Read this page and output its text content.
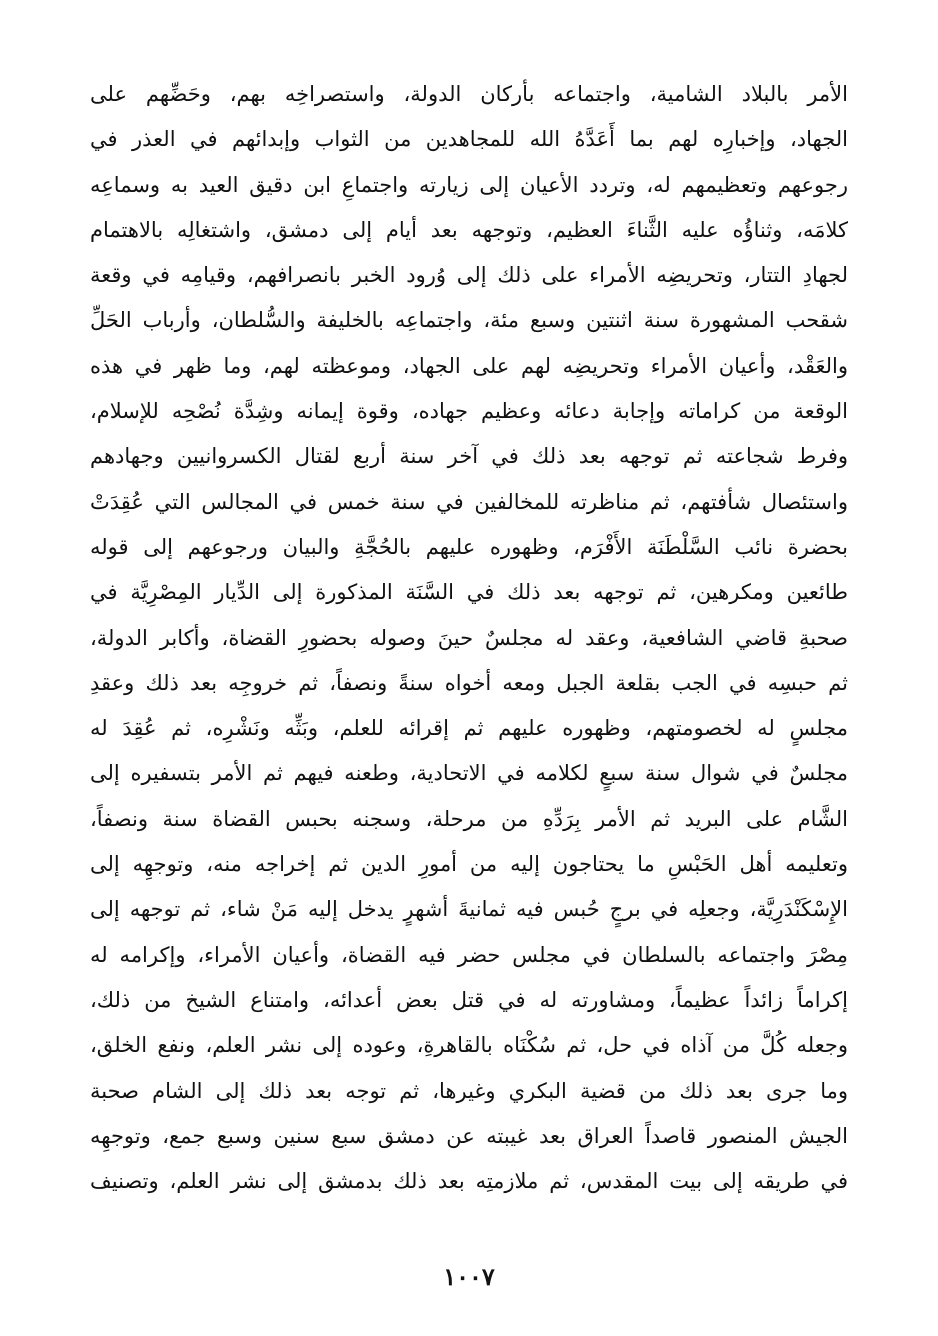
الأمر بالبلاد الشامية، واجتماعه بأركان الدولة، واستصراخِه بهم، وحَضِّهم على
الجهاد، وإخبارِه لهم بما أَعَدَّهُ الله للمجاهدين من الثواب وإبدائهم في العذر في
رجوعهم وتعظيمهم له، وتردد الأعيان إلى زيارته واجتماعِ ابن دقيق العيد به وسماعِه
كلامَه، وثناؤُه عليه الثَّناءَ العظيم، وتوجهه بعد أيام إلى دمشق، واشتغالِه بالاهتمام
لجهادِ التتار، وتحريضِه الأمراء على ذلك إلى وُرود الخبر بانصرافهم، وقيامِه في وقعة
شقحب المشهورة سنة اثنتين وسبع مئة، واجتماعِه بالخليفة والسُّلطان، وأرباب الحَلِّ
والعَقْد، وأعيان الأمراء وتحريضِه لهم على الجهاد، وموعظته لهم، وما ظهر في هذه
الوقعة من كراماته وإجابة دعائه وعظيم جهاده، وقوة إيمانه وشِدَّة نُصْحِه للإسلام،
وفرط شجاعته ثم توجهه بعد ذلك في آخر سنة أربع لقتال الكسروانيين وجهادهم
واستئصال شأفتهم، ثم مناظرته للمخالفين في سنة خمس في المجالس التي عُقِدَتْ
بحضرة نائب السَّلْطَنَة الأَفْرَم، وظهوره عليهم بالحُجَّةِ والبيان ورجوعهم إلى قوله
طائعين ومكرهين، ثم توجهه بعد ذلك في السَّنَة المذكورة إلى الدِّيار المِصْرِيَّة في
صحبةِ قاضي الشافعية، وعقد له مجلسٌ حينَ وصوله بحضورِ القضاة، وأكابر الدولة،
ثم حبسِه في الجب بقلعة الجبل ومعه أخواه سنةً ونصفاً، ثم خروجِه بعد ذلك وعقدِ
مجلسٍ له لخصومتهم، وظهوره عليهم ثم إقرائه للعلم، وبَثِّه ونَشْرِه، ثم عُقِدَ له
مجلسٌ في شوال سنة سبعٍ لكلامه في الاتحادية، وطعنه فيهم ثم الأمر بتسفيره إلى
الشَّام على البريد ثم الأمر بِرَدِّهِ من مرحلة، وسجنه بحبس القضاة سنة ونصفاً،
وتعليمه أهل الحَبْسِ ما يحتاجون إليه من أمورِ الدين ثم إخراجه منه، وتوجهِه إلى
الإِسْكَنْدَرِيَّة، وجعلِه في برجٍ حُبس فيه ثمانيةَ أشهرٍ يدخل إليه مَنْ شاء، ثم توجهه إلى
مِصْرَ واجتماعه بالسلطان في مجلس حضر فيه القضاة، وأعيان الأمراء، وإكرامه له
إكراماً زائداً عظيماً، ومشاورته له في قتل بعض أعدائه، وامتناع الشيخ من ذلك،
وجعله كُلَّ من آذاه في حل، ثم سُكْنَاه بالقاهرةِ، وعوده إلى نشر العلم، ونفع الخلق،
وما جرى بعد ذلك من قضية البكري وغيرها، ثم توجه بعد ذلك إلى الشام صحبة
الجيش المنصور قاصداً العراق بعد غيبته عن دمشق سبع سنين وسبع جمع، وتوجهِه
في طريقه إلى بيت المقدس، ثم ملازمتِه بعد ذلك بدمشق إلى نشر العلم، وتصنيف
١٠٠٧
